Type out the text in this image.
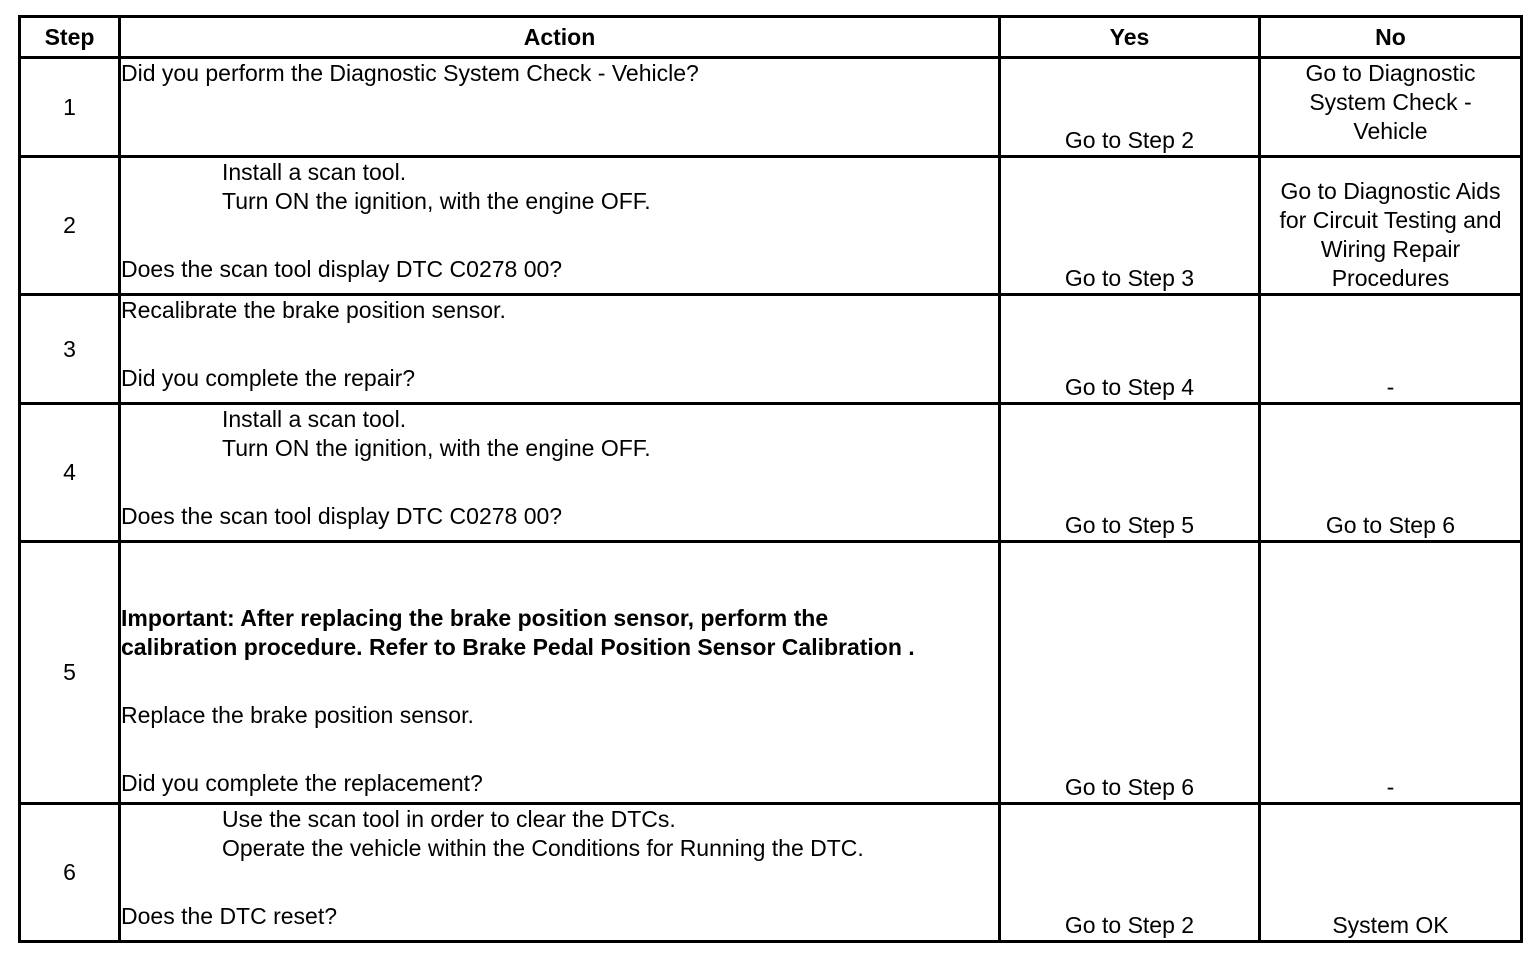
Step	Action	Yes	No
1	Did you perform the Diagnostic System Check - Vehicle?	Go to Step 2	Go to Diagnostic
System Check -
Vehicle

2	Install a scan tool.
Turn ON the ignition, with the engine OFF.
Does the scan tool display DTC C0278 00?	Go to Step 3	Go to Diagnostic Aids
for Circuit Testing and
Wiring Repair
Procedures

3	Recalibrate the brake position sensor.
Did you complete the repair?	Go to Step 4	-
4	Install a scan tool.
Turn ON the ignition, with the engine OFF.
Does the scan tool display DTC C0278 00?	Go to Step 5	Go to Step 6
5	Important: After replacing the brake position sensor, perform the
calibration procedure. Refer to Brake Pedal Position Sensor Calibration .
Replace the brake position sensor.
Did you complete the replacement?	Go to Step 6	-
6	Use the scan tool in order to clear the DTCs.
Operate the vehicle within the Conditions for Running the DTC.
Does the DTC reset?	Go to Step 2	System OK
